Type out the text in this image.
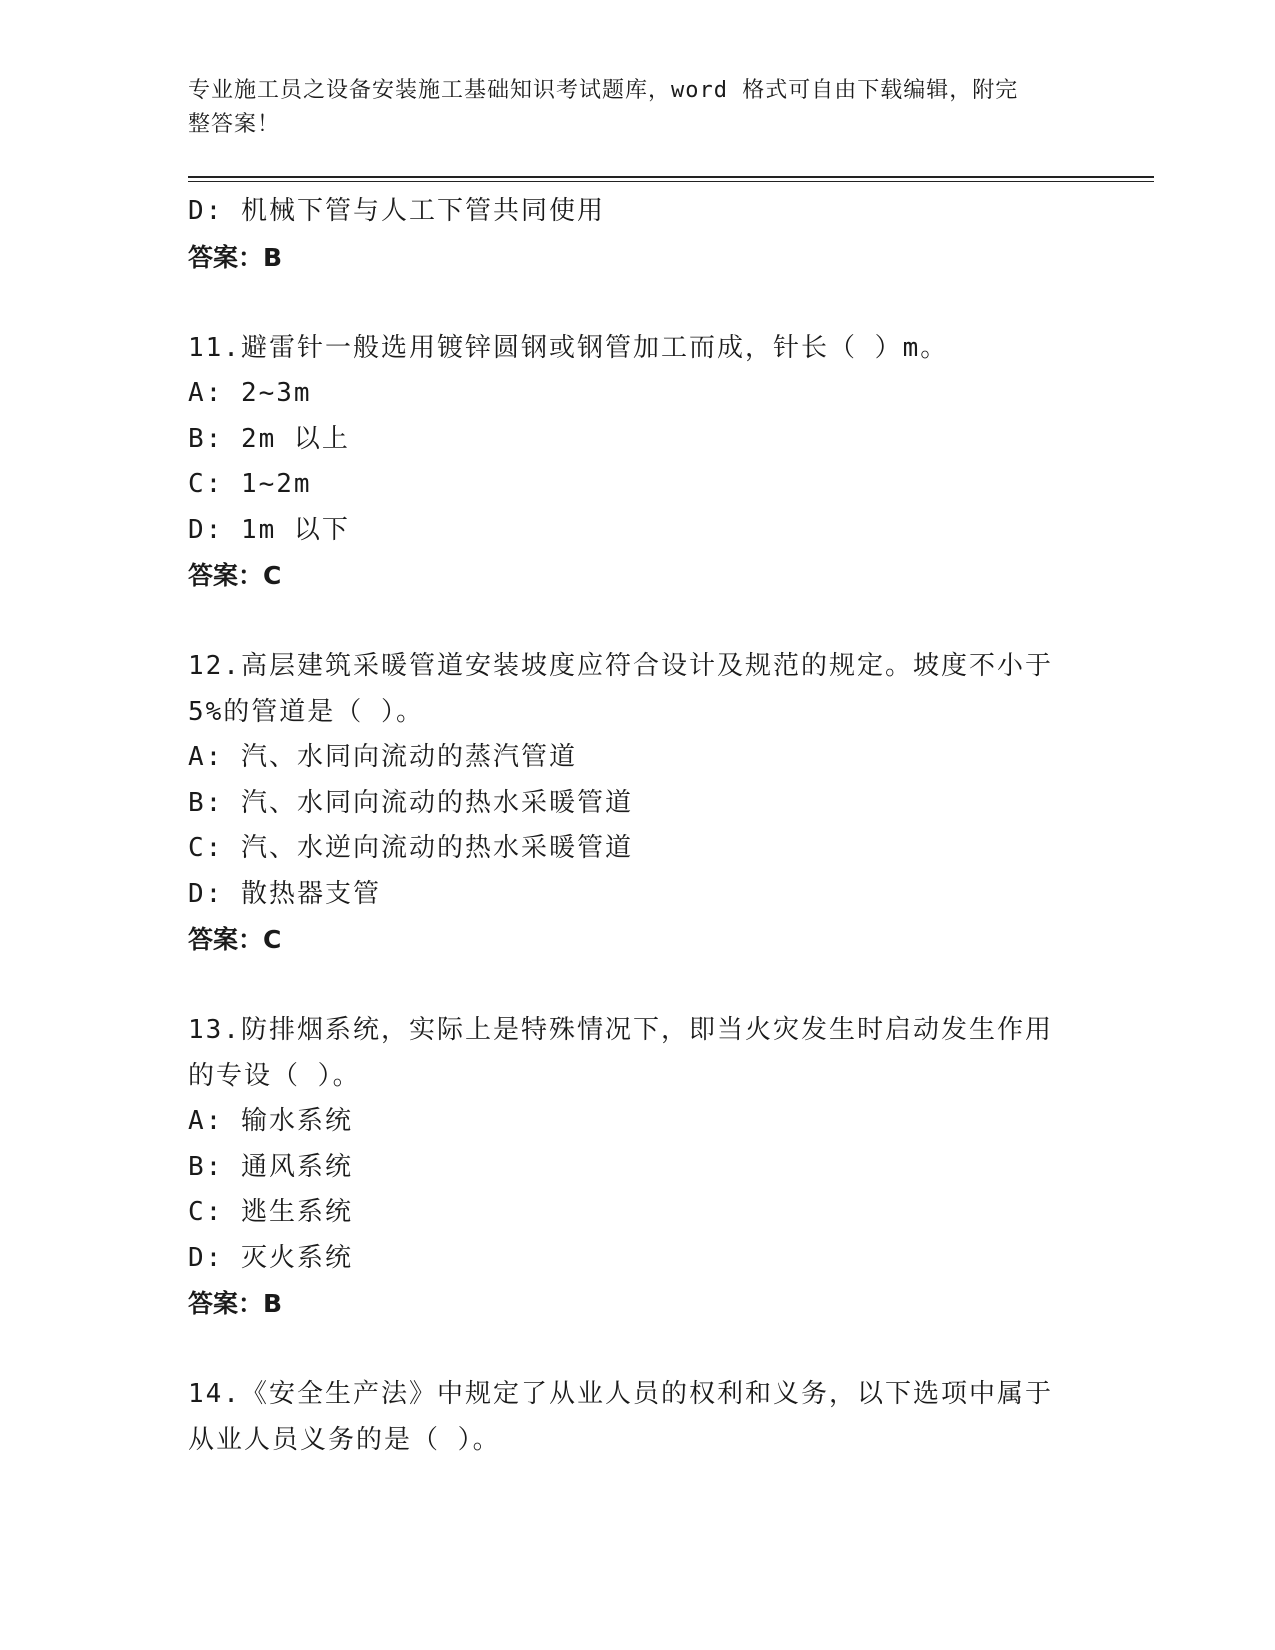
专业施工员之设备安装施工基础知识考试题库，word 格式可自由下载编辑，附完
整答案！
D: 机械下管与人工下管共同使用
答案：B
11.避雷针一般选用镀锌圆钢或钢管加工而成，针长（ ）m。
A: 2~3m
B: 2m 以上
C: 1~2m
D: 1m 以下
答案：C
12.高层建筑采暖管道安装坡度应符合设计及规范的规定。坡度不小于
5%的管道是（ ）。
A: 汽、水同向流动的蒸汽管道
B: 汽、水同向流动的热水采暖管道
C: 汽、水逆向流动的热水采暖管道
D: 散热器支管
答案：C
13.防排烟系统，实际上是特殊情况下，即当火灾发生时启动发生作用
的专设（ ）。
A: 输水系统
B: 通风系统
C: 逃生系统
D: 灭火系统
答案：B
14.《安全生产法》中规定了从业人员的权利和义务，以下选项中属于
从业人员义务的是（ ）。
